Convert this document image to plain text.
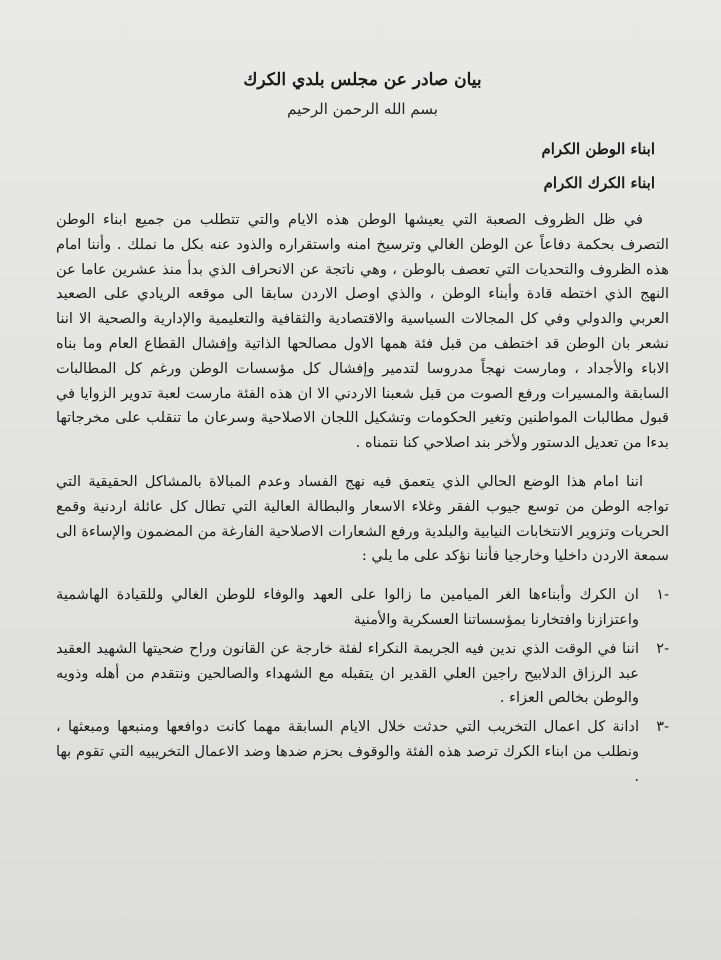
بيان صادر عن مجلس بلدي الكرك
بسم الله الرحمن الرحيم
ابناء الوطن الكرام
ابناء الكرك الكرام

في ظل الظروف الصعبة التي يعيشها الوطن هذه الايام والتي تتطلب من جميع ابناء الوطن التصرف بحكمة دفاعاً عن الوطن الغالي وترسيخ امنه واستقراره والذود عنه بكل ما نملك . وأننا امام هذه الظروف والتحديات التي تعصف بالوطن ، وهي ناتجة عن الانحراف الذي بدأ منذ عشرين عاما عن النهج الذي اختطه قادة وأبناء الوطن ، والذي اوصل الاردن سابقا الى موقعه الريادي على الصعيد العربي والدولي وفي كل المجالات السياسية والاقتصادية والثقافية والتعليمية والإدارية والصحية الا اننا نشعر بان الوطن قد اختطف من قبل فئة همها الاول مصالحها الذاتية وإفشال القطاع العام وما بناه الاباء والأجداد ، ومارست نهجاً مدروسا لتدمير وإفشال كل مؤسسات الوطن ورغم كل المطالبات السابقة والمسيرات ورفع الصوت من قبل شعبنا الاردني الا ان هذه الفئة مارست لعبة تدوير الزوايا في قبول مطالبات المواطنين وتغير الحكومات وتشكيل اللجان الاصلاحية وسرعان ما تنقلب على مخرجاتها بدءا من تعديل الدستور ولأخر بند اصلاحي كنا نتمناه .

اننا امام هذا الوضع الحالي الذي يتعمق فيه نهج الفساد وعدم المبالاة بالمشاكل الحقيقية التي تواجه الوطن من توسع جيوب الفقر وغلاء الاسعار والبطالة العالية التي تطال كل عائلة اردنية وقمع الحريات وتزوير الانتخابات النيابية والبلدية ورفع الشعارات الاصلاحية الفارغة من المضمون والإساءة الى سمعة الاردن داخليا وخارجيا فأننا نؤكد على ما يلي :

-١
ان الكرك وأبناءها الغر الميامين ما زالوا على العهد والوفاء للوطن الغالي وللقيادة الهاشمية واعتزازنا وافتخارنا بمؤسساتنا العسكرية والأمنية
-٢
اننا في الوقت الذي ندين فيه الجريمة النكراء لفئة خارجة عن القانون وراح ضحيتها الشهيد العقيد عبد الرزاق الدلابيح راجين العلي القدير ان يتقبله مع الشهداء والصالحين ونتقدم من أهله وذويه والوطن بخالص العزاء .
-٣
ادانة كل اعمال التخريب التي حدثت خلال الايام السابقة مهما كانت دوافعها ومنبعها ومبعثها ، ونطلب من ابناء الكرك ترصد هذه الفئة والوقوف بحزم ضدها وضد الاعمال التخريبيه التي تقوم بها .
